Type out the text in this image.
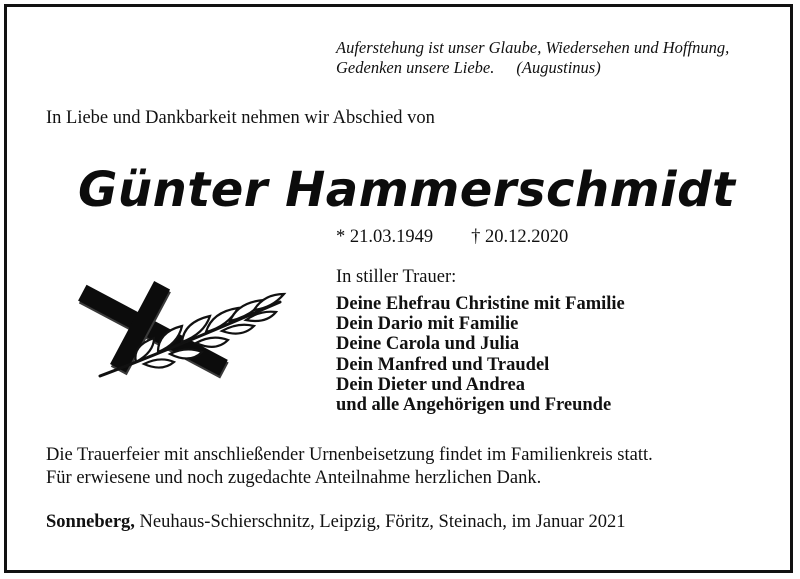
Auferstehung ist unser Glaube, Wiedersehen und Hoffnung,
Gedenken unsere Liebe. (Augustinus)
In Liebe und Dankbarkeit nehmen wir Abschied von
Günter Hammerschmidt
* 21.03.1949 † 20.12.2020
In stiller Trauer:
Deine Ehefrau Christine mit Familie
Dein Dario mit Familie
Deine Carola und Julia
Dein Manfred und Traudel
Dein Dieter und Andrea
und alle Angehörigen und Freunde
Die Trauerfeier mit anschließender Urnenbeisetzung findet im Familienkreis statt.
Für erwiesene und noch zugedachte Anteilnahme herzlichen Dank.
Sonneberg, Neuhaus-Schierschnitz, Leipzig, Föritz, Steinach, im Januar 2021
